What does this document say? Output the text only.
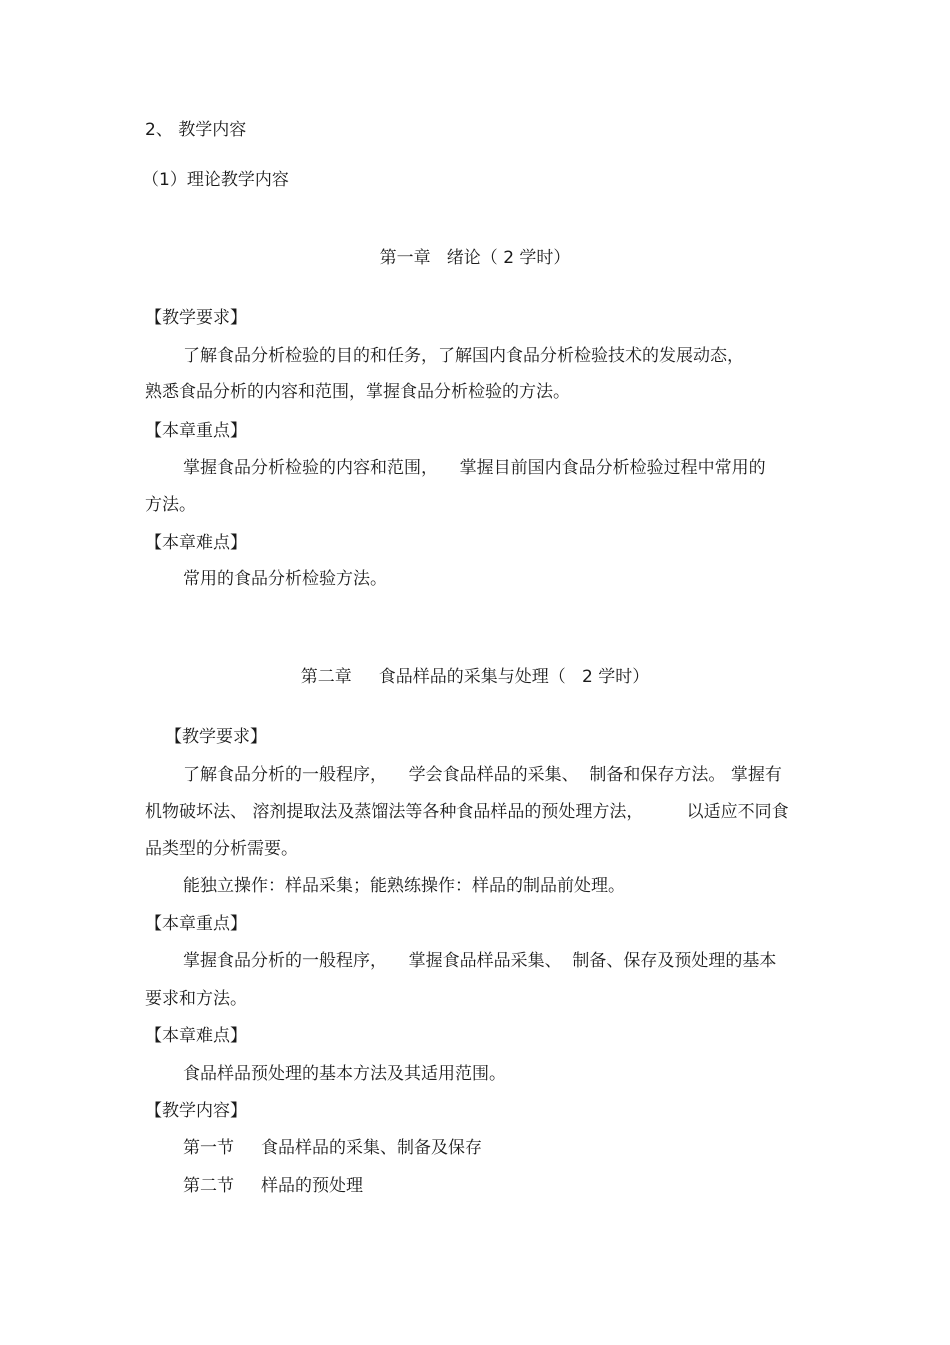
2、 教学内容
（1）理论教学内容
第一章   绪论（ 2 学时）
【教学要求】
了解食品分析检验的目的和任务，了解国内食品分析检验技术的发展动态，
熟悉食品分析的内容和范围，掌握食品分析检验的方法。
【本章重点】
掌握食品分析检验的内容和范围，    掌握目前国内食品分析检验过程中常用的
方法。
【本章难点】
常用的食品分析检验方法。
第二章     食品样品的采集与处理（   2 学时）
【教学要求】
了解食品分析的一般程序，    学会食品样品的采集、  制备和保存方法。 掌握有
机物破坏法、 溶剂提取法及蒸馏法等各种食品样品的预处理方法，        以适应不同食
品类型的分析需要。
能独立操作：样品采集；能熟练操作：样品的制品前处理。
【本章重点】
掌握食品分析的一般程序，    掌握食品样品采集、  制备、保存及预处理的基本
要求和方法。
【本章难点】
食品样品预处理的基本方法及其适用范围。
【教学内容】
第一节     食品样品的采集、制备及保存
第二节     样品的预处理
